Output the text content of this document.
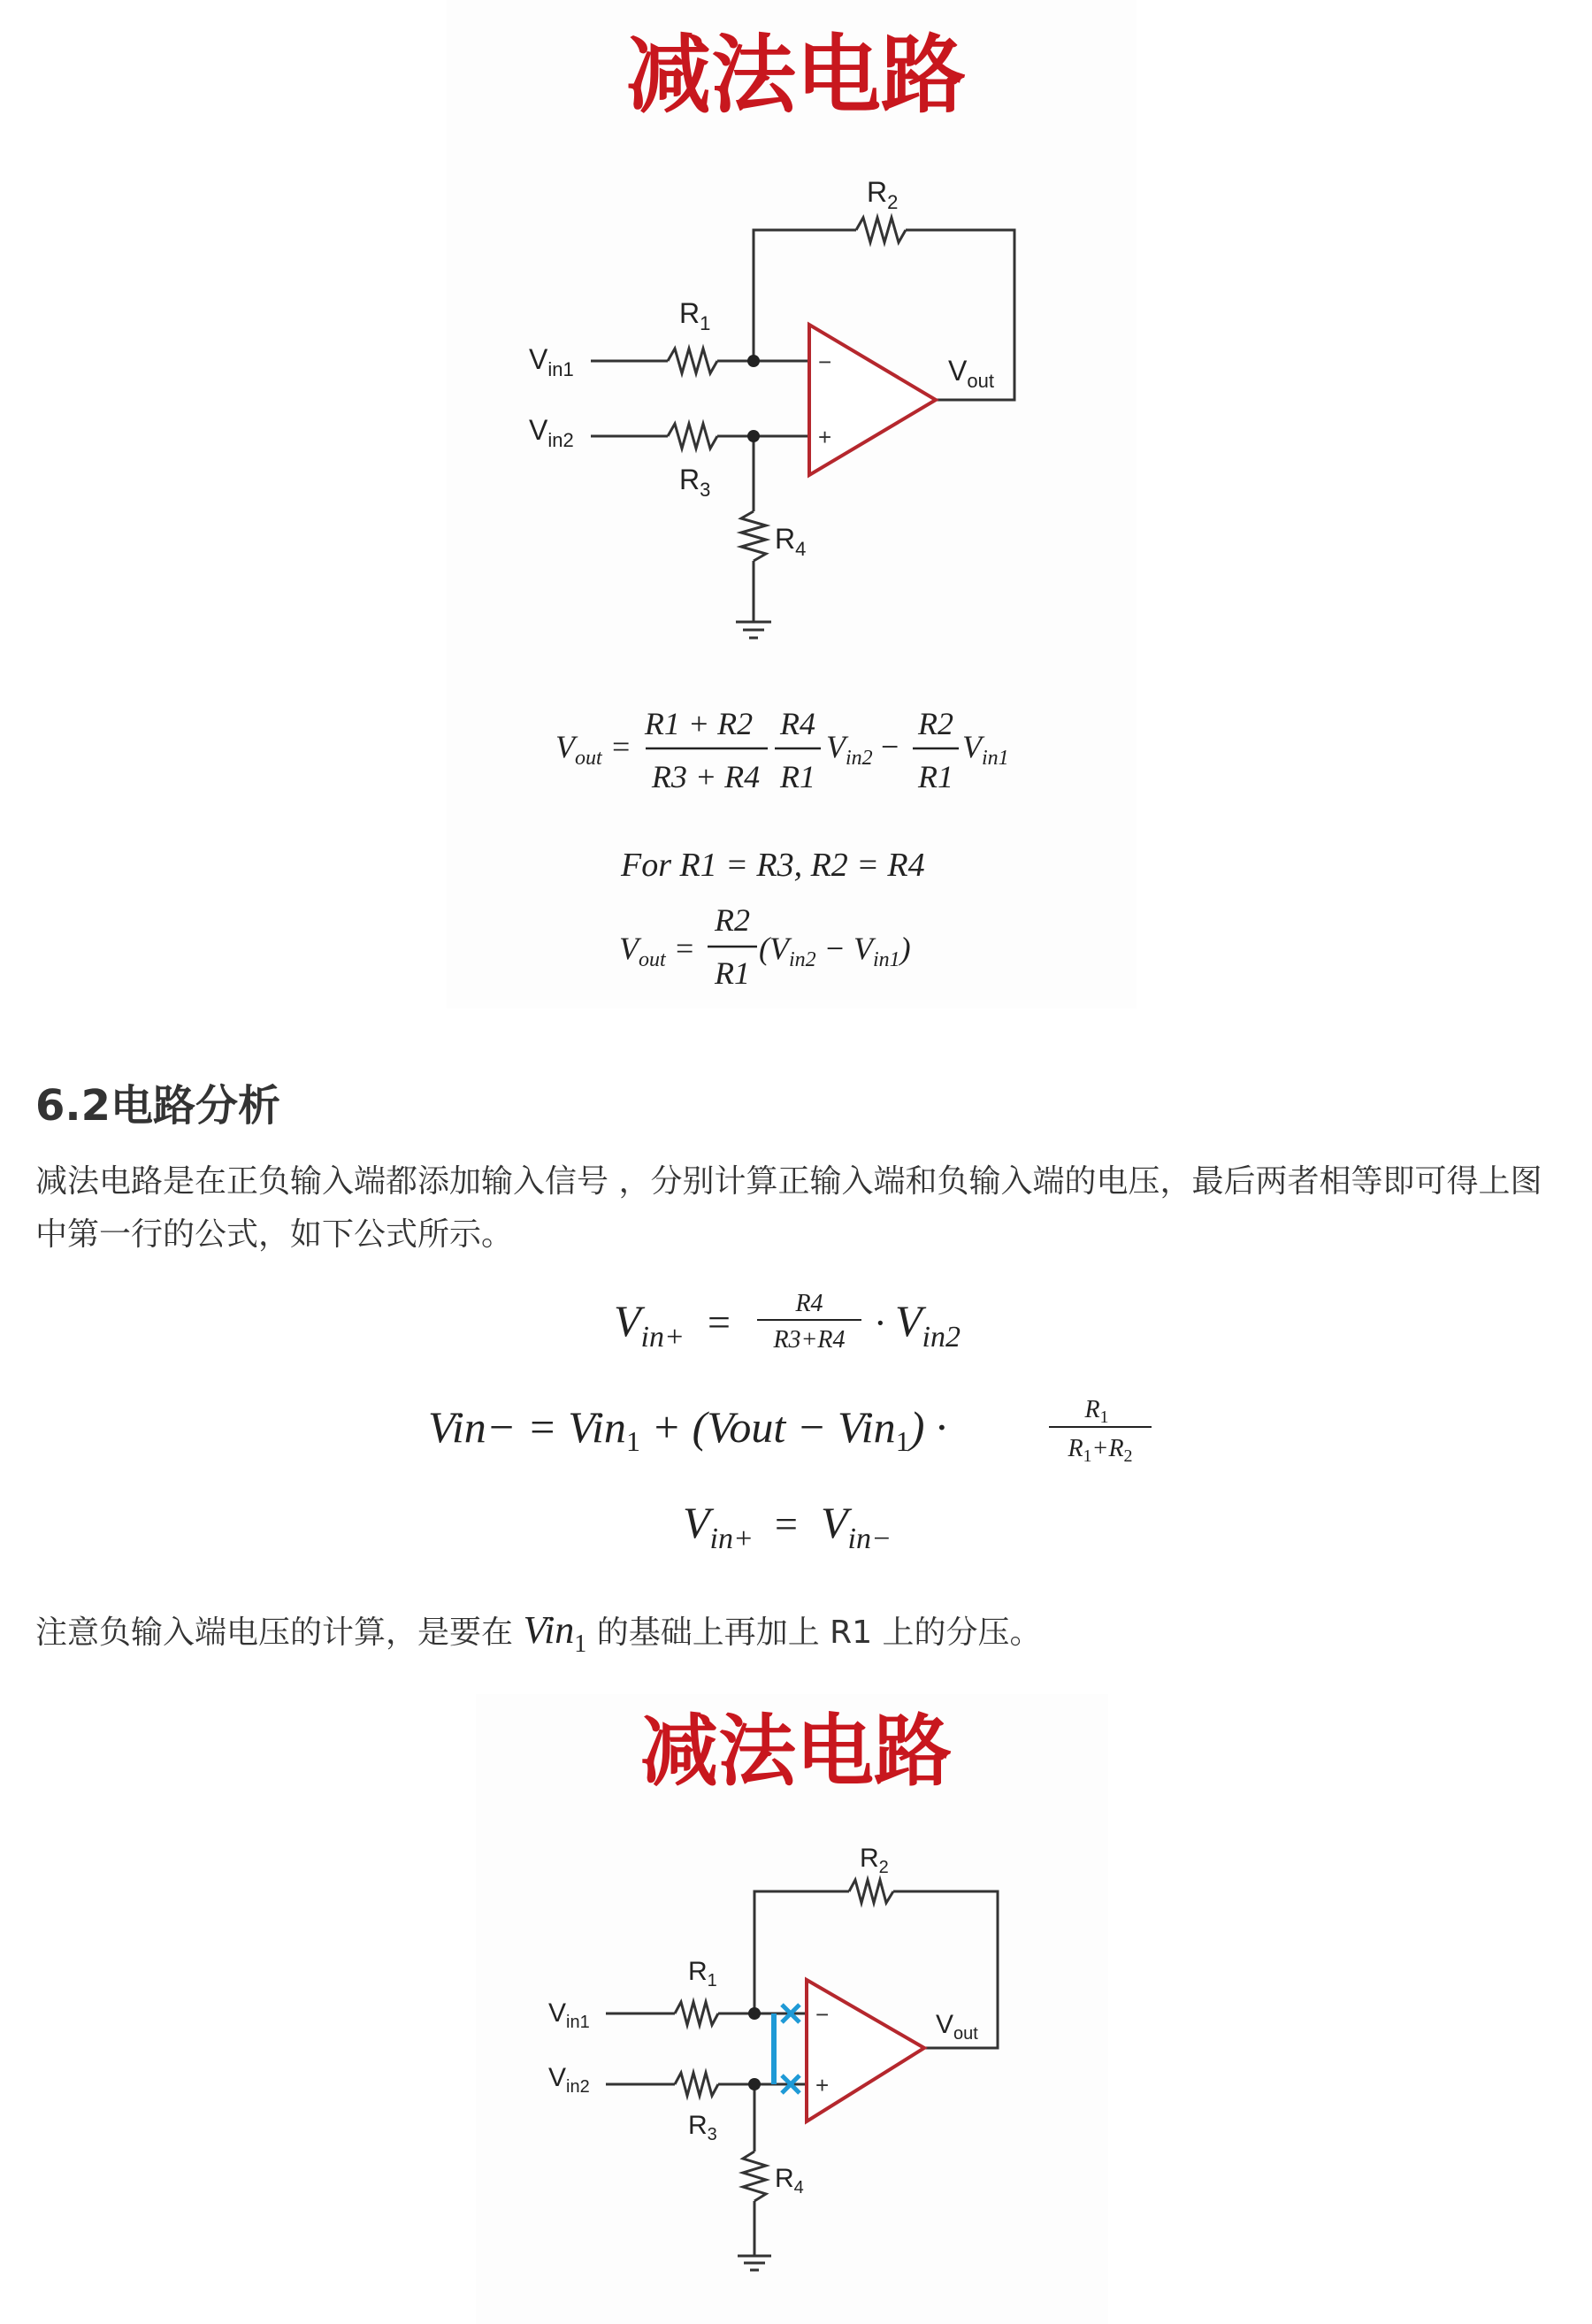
减法电路
−
+
$R_2$
$R_1$
$R_3$
$R_4$
$V_{in1}$
$V_{in2}$
$V_{out}$
$V_{out}$ =
R1 + R2
R3 + R4
R4
R1
$V_{in2}$ −
R2
R1
$V_{in1}$
For R1 = R3, R2 = R4
$V_{out}$ =
R2
R1
$(V_{in2} - V_{in1})$
6.2电路分析
减法电路是在正负输入端都添加输入信号 ，分别计算正输入端和负输入端的电压，最后两者相等即可得上图中第一行的公式，如下公式所示。
$V_{in+}$ =	R4
$R3+R4 \cdot V_{in2}$
Vin− = Vin$_1$ + (Vout − Vin$_1$) ·	$R_1$
$R_1+R_2$
$V_{in+} = V_{in-}$
注意负输入端电压的计算，是要在 Vin$_1$ 的基础上再加上 R1 上的分压。
减法电路
−
+
$R_2$
$R_1$
$R_3$
$R_4$
$V_{in1}$
$V_{in2}$
$V_{out}$
